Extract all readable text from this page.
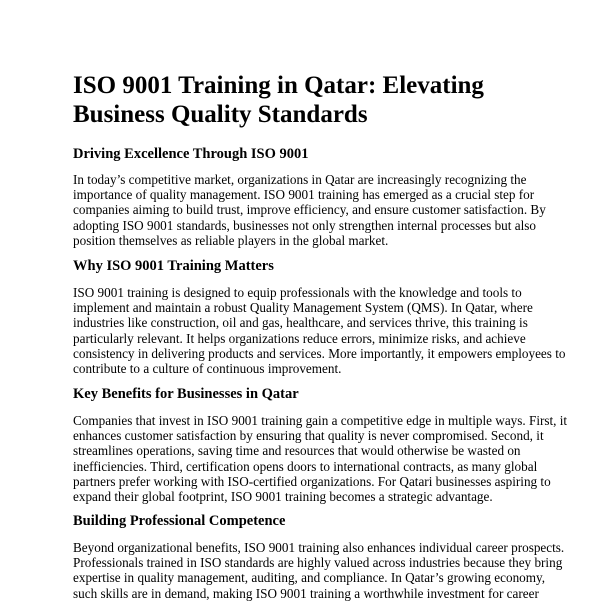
ISO 9001 Training in Qatar: Elevating
Business Quality Standards
Driving Excellence Through ISO 9001

In today’s competitive market, organizations in Qatar are increasingly recognizing the
importance of quality management. ISO 9001 training has emerged as a crucial step for
companies aiming to build trust, improve efficiency, and ensure customer satisfaction. By
adopting ISO 9001 standards, businesses not only strengthen internal processes but also
position themselves as reliable players in the global market.

Why ISO 9001 Training Matters

ISO 9001 training is designed to equip professionals with the knowledge and tools to
implement and maintain a robust Quality Management System (QMS). In Qatar, where
industries like construction, oil and gas, healthcare, and services thrive, this training is
particularly relevant. It helps organizations reduce errors, minimize risks, and achieve
consistency in delivering products and services. More importantly, it empowers employees to
contribute to a culture of continuous improvement.

Key Benefits for Businesses in Qatar

Companies that invest in ISO 9001 training gain a competitive edge in multiple ways. First, it
enhances customer satisfaction by ensuring that quality is never compromised. Second, it
streamlines operations, saving time and resources that would otherwise be wasted on
inefficiencies. Third, certification opens doors to international contracts, as many global
partners prefer working with ISO-certified organizations. For Qatari businesses aspiring to
expand their global footprint, ISO 9001 training becomes a strategic advantage.

Building Professional Competence

Beyond organizational benefits, ISO 9001 training also enhances individual career prospects.
Professionals trained in ISO standards are highly valued across industries because they bring
expertise in quality management, auditing, and compliance. In Qatar’s growing economy,
such skills are in demand, making ISO 9001 training a worthwhile investment for career
